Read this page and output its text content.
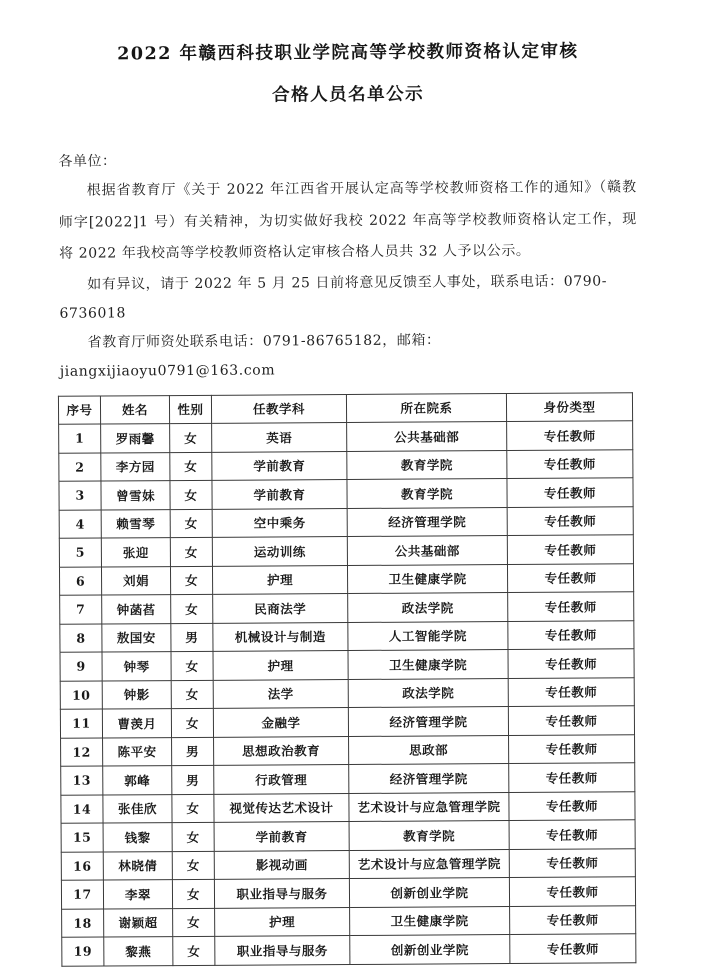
2022 年赣西科技职业学院高等学校教师资格认定审核
合格人员名单公示
各单位：

根据省教育厅《关于 2022 年江西省开展认定高等学校教师资格工作的通知》（赣教师字[2022]1 号）有关精神，为切实做好我校 2022 年高等学校教师资格认定工作，现将 2022 年我校高等学校教师资格认定审核合格人员共 32 人予以公示。

如有异议，请于 2022 年 5 月 25 日前将意见反馈至人事处，联系电话：0790-6736018

省教育厅师资处联系电话：0791-86765182，邮箱：jiangxijiaoyu0791@163.com

序号	姓名	性别	任教学科	所在院系	身份类型
1	罗雨馨	女	英语	公共基础部	专任教师
2	李方园	女	学前教育	教育学院	专任教师
3	曾雪妹	女	学前教育	教育学院	专任教师
4	赖雪琴	女	空中乘务	经济管理学院	专任教师
5	张迎	女	运动训练	公共基础部	专任教师
6	刘娟	女	护理	卫生健康学院	专任教师
7	钟菡萏	女	民商法学	政法学院	专任教师
8	敖国安	男	机械设计与制造	人工智能学院	专任教师
9	钟琴	女	护理	卫生健康学院	专任教师
10	钟影	女	法学	政法学院	专任教师
11	曹羡月	女	金融学	经济管理学院	专任教师
12	陈平安	男	思想政治教育	思政部	专任教师
13	郭峰	男	行政管理	经济管理学院	专任教师
14	张佳欣	女	视觉传达艺术设计	艺术设计与应急管理学院	专任教师
15	钱黎	女	学前教育	教育学院	专任教师
16	林晓倩	女	影视动画	艺术设计与应急管理学院	专任教师
17	李翠	女	职业指导与服务	创新创业学院	专任教师
18	谢颖超	女	护理	卫生健康学院	专任教师
19	黎燕	女	职业指导与服务	创新创业学院	专任教师
